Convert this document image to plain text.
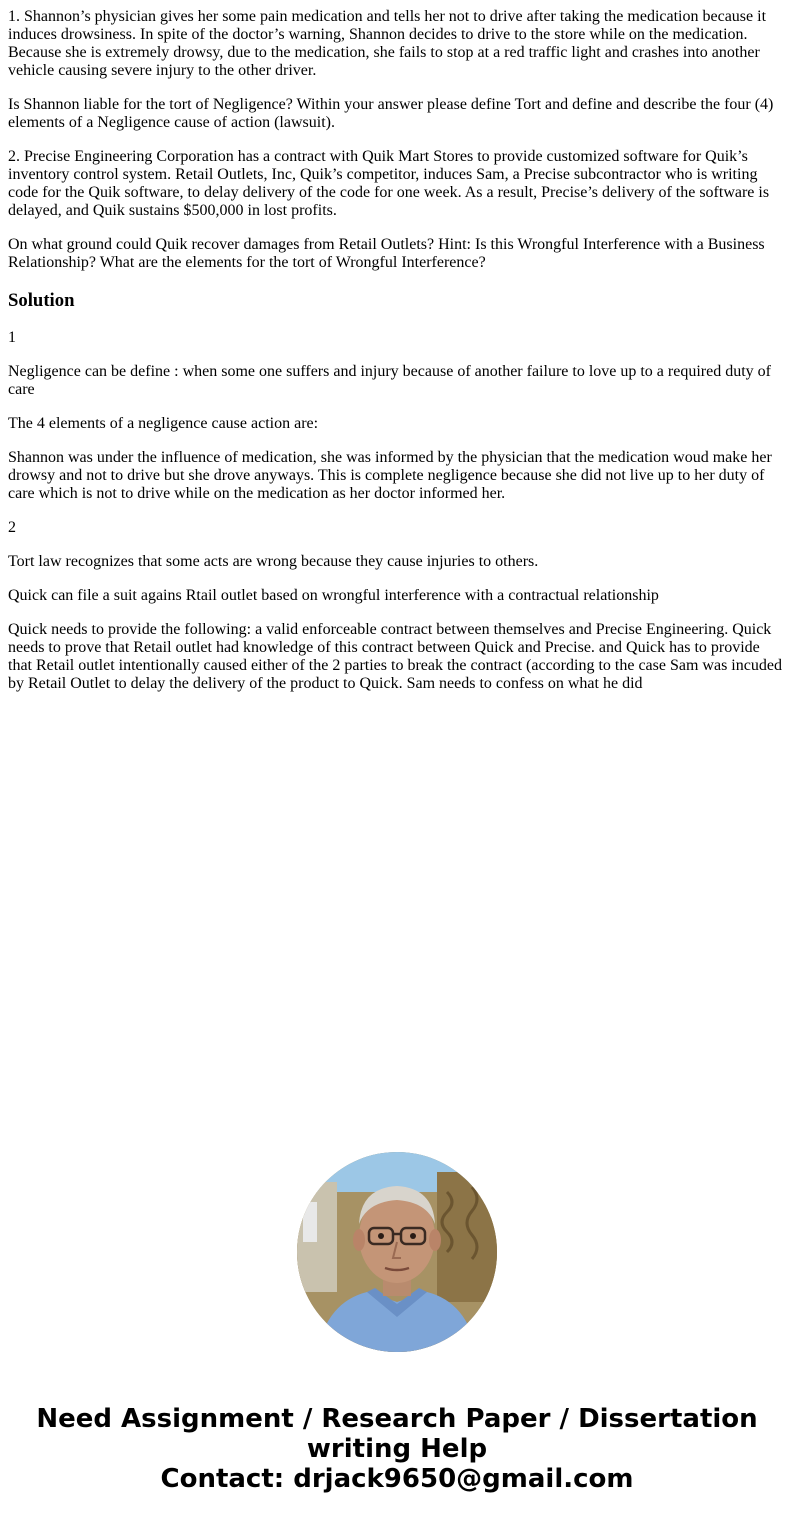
1. Shannon’s physician gives her some pain medication and tells her not to drive after taking the medication because it induces drowsiness. In spite of the doctor’s warning, Shannon decides to drive to the store while on the medication. Because she is extremely drowsy, due to the medication, she fails to stop at a red traffic light and crashes into another vehicle causing severe injury to the other driver.

Is Shannon liable for the tort of Negligence? Within your answer please define Tort and define and describe the four (4) elements of a Negligence cause of action (lawsuit).

2. Precise Engineering Corporation has a contract with Quik Mart Stores to provide customized software for Quik’s inventory control system. Retail Outlets, Inc, Quik’s competitor, induces Sam, a Precise subcontractor who is writing code for the Quik software, to delay delivery of the code for one week. As a result, Precise’s delivery of the software is delayed, and Quik sustains $500,000 in lost profits.

On what ground could Quik recover damages from Retail Outlets? Hint: Is this Wrongful Interference with a Business Relationship? What are the elements for the tort of Wrongful Interference?

Solution

1

Negligence can be define : when some one suffers and injury because of another failure to love up to a required duty of care

The 4 elements of a negligence cause action are:

Shannon was under the influence of medication, she was informed by the physician that the medication woud make her drowsy and not to drive but she drove anyways. This is complete negligence because she did not live up to her duty of care which is not to drive while on the medication as her doctor informed her.

2

Tort law recognizes that some acts are wrong because they cause injuries to others.

Quick can file a suit agains Rtail outlet based on wrongful interference with a contractual relationship

Quick needs to provide the following: a valid enforceable contract between themselves and Precise Engineering. Quick needs to prove that Retail outlet had knowledge of this contract between Quick and Precise. and Quick has to provide that Retail outlet intentionally caused either of the 2 parties to break the contract (according to the case Sam was incuded by Retail Outlet to delay the delivery of the product to Quick. Sam needs to confess on what he did

Need Assignment / Research Paper / Dissertation
writing Help
Contact: drjack9650@gmail.com
